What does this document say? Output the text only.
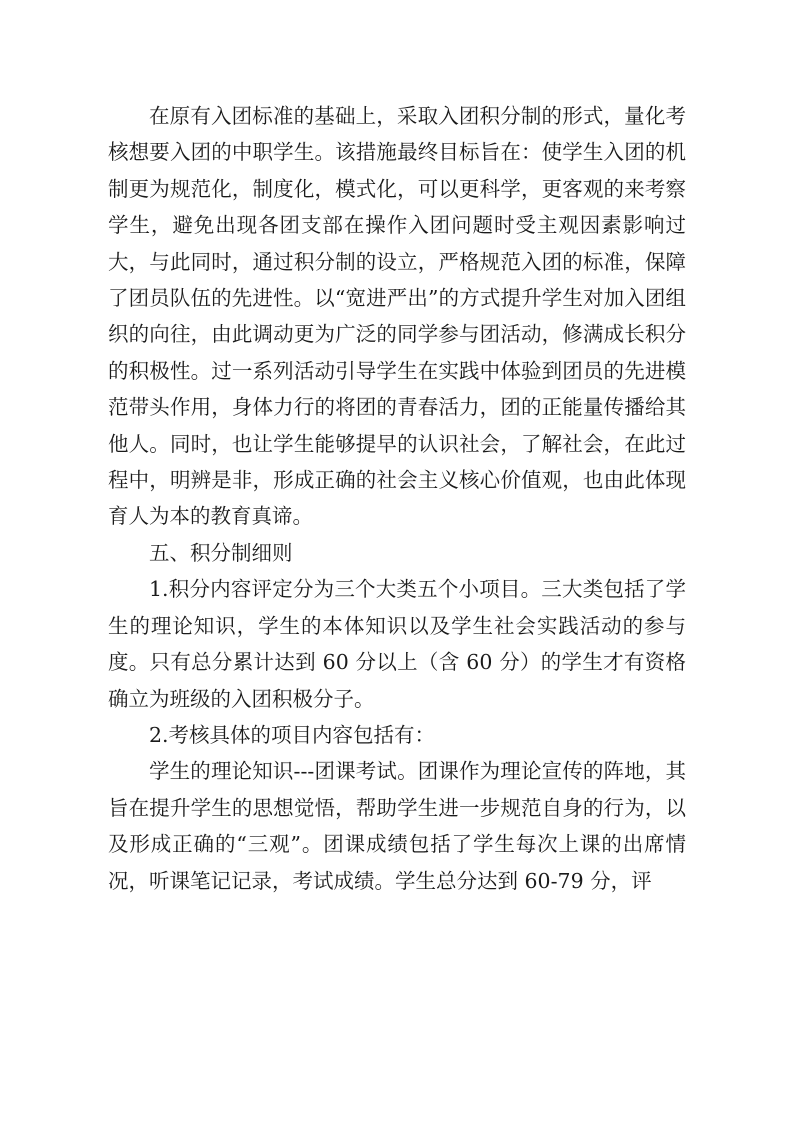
在原有入团标准的基础上，采取入团积分制的形式，量化考核想要入团的中职学生。该措施最终目标旨在：使学生入团的机制更为规范化，制度化，模式化，可以更科学，更客观的来考察学生，避免出现各团支部在操作入团问题时受主观因素影响过大，与此同时，通过积分制的设立，严格规范入团的标准，保障了团员队伍的先进性。以“宽进严出”的方式提升学生对加入团组织的向往，由此调动更为广泛的同学参与团活动，修满成长积分的积极性。过一系列活动引导学生在实践中体验到团员的先进模范带头作用，身体力行的将团的青春活力，团的正能量传播给其他人。同时，也让学生能够提早的认识社会，了解社会，在此过程中，明辨是非，形成正确的社会主义核心价值观，也由此体现育人为本的教育真谛。

五、积分制细则

1.积分内容评定分为三个大类五个小项目。三大类包括了学生的理论知识，学生的本体知识以及学生社会实践活动的参与度。只有总分累计达到 60 分以上（含 60 分）的学生才有资格确立为班级的入团积极分子。

2.考核具体的项目内容包括有：

学生的理论知识---团课考试。团课作为理论宣传的阵地，其旨在提升学生的思想觉悟，帮助学生进一步规范自身的行为，以及形成正确的“三观”。团课成绩包括了学生每次上课的出席情况，听课笔记记录，考试成绩。学生总分达到 60-79 分，评
